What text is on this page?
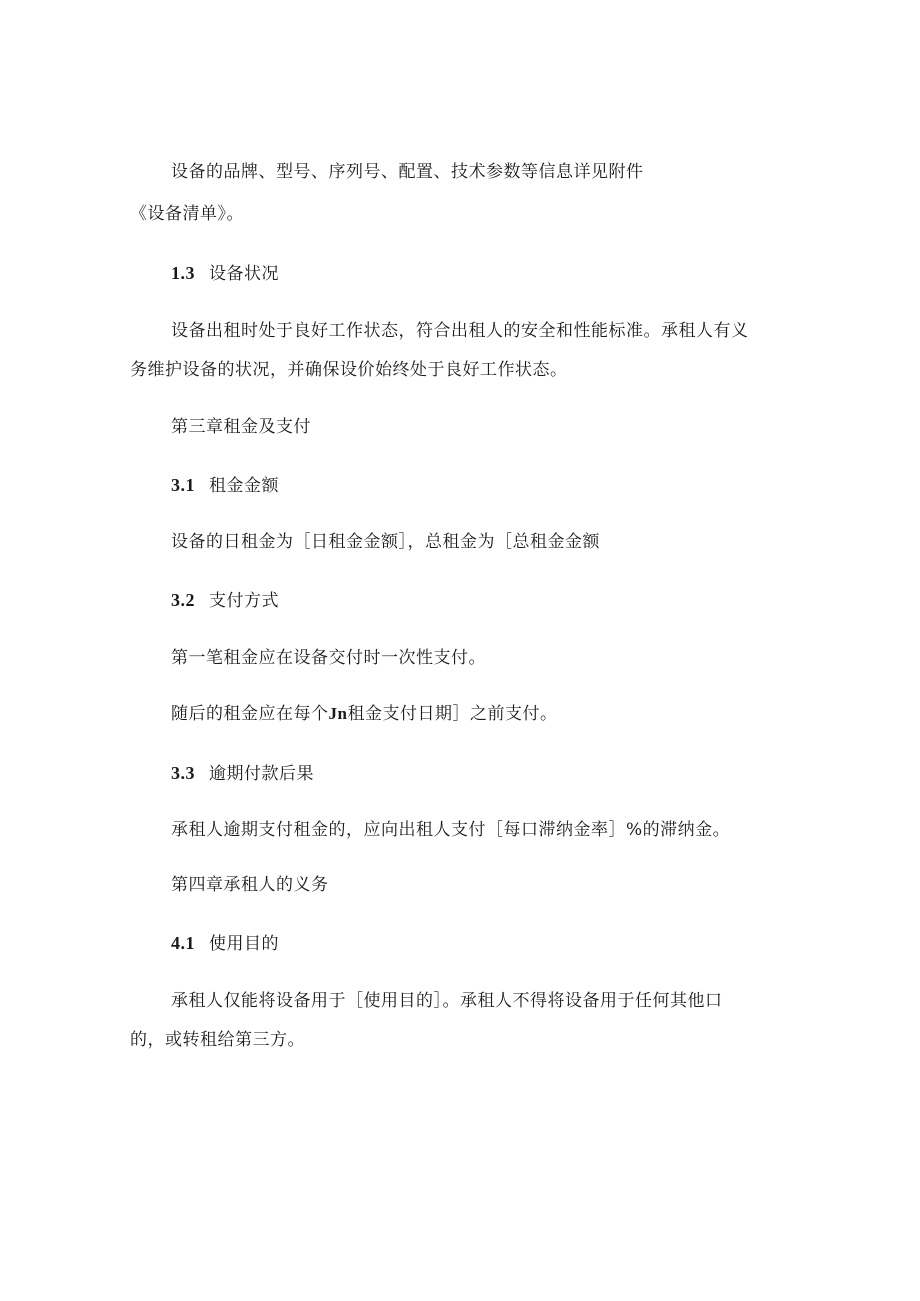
设备的品牌、型号、序列号、配置、技术参数等信息详见附件
《设备清单》。
1.3 设备状况
设备出租时处于良好工作状态，符合出租人的安全和性能标准。承租人有义
务维护设备的状况，并确保设价始终处于良好工作状态。
第三章租金及支付
3.1 租金金额
设备的日租金为［日租金金额］，总租金为［总租金金额
3.2 支付方式
第一笔租金应在设备交付时一次性支付。
随后的租金应在每个Jn租金支付日期］之前支付。
3.3 逾期付款后果
承租人逾期支付租金的，应向出租人支付［每口滞纳金率］%的滞纳金。
第四章承租人的义务
4.1 使用目的
承租人仅能将设备用于［使用目的］。承租人不得将设备用于任何其他口
的，或转租给第三方。
